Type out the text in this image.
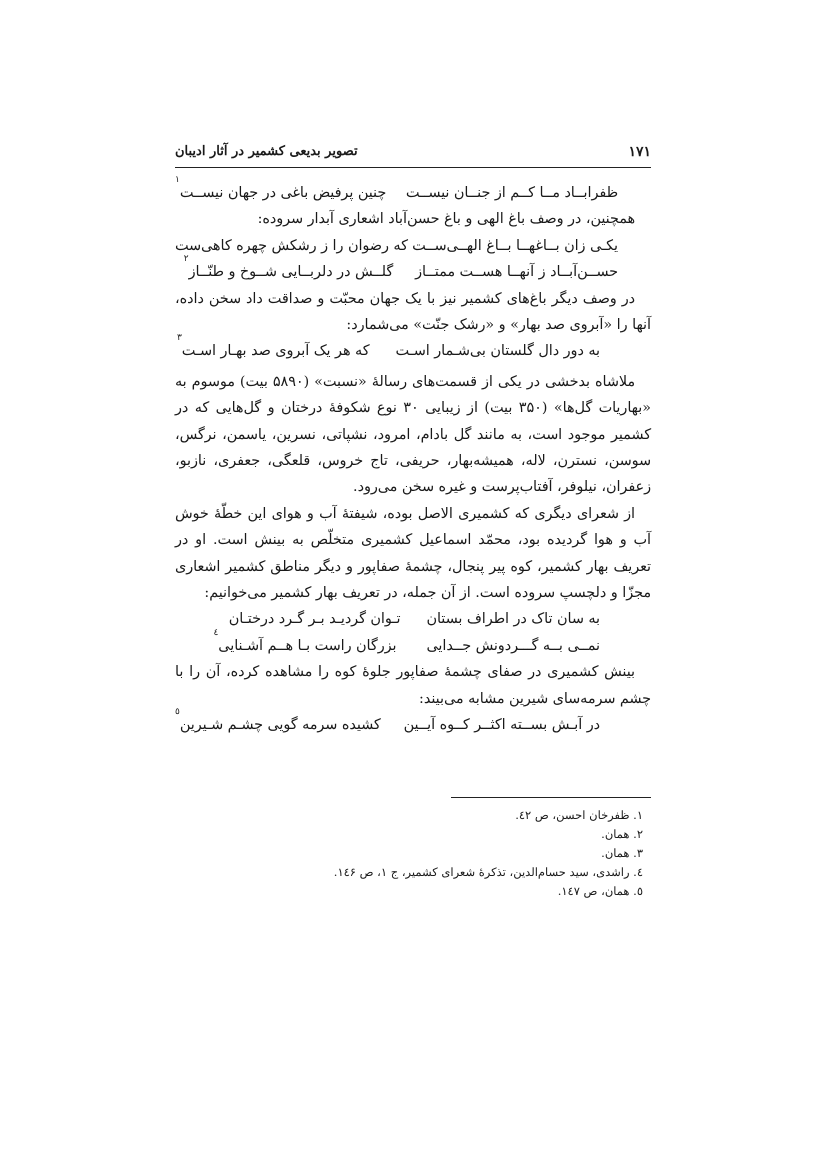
۱۷۱
تصویر بدیعی کشمیر در آثار ادیبان
ظفرابــاد مــا کــم از جنــان نیســت
چنین پرفیض باغی در جهان نیســت
۱

همچنین، در وصف باغ الهی و باغ حسن‌آباد اشعاری آبدار سروده:

یکـی زان بــاغهــا بــاغ الهــی‌ســت
که رضوان را ز رشکش چهره کاهی‌ست
حســن‌آبــاد ز آنهــا هســت ممتــاز
گلــش در دلربــایی شــوخ و طنّــاز
۲

در وصف دیگر باغ‌های کشمیر نیز با یک جهان محبّت و صداقت داد سخن داده، آنها را «آبروی صد بهار» و «رشک جنّت» می‌شمارد:

به دور دال گلستان بی‌شـمار اسـت
که هر یک آبروی صد بهـار اسـت
۳

ملاشاه بدخشی در یکی از قسمت‌های رسالهٔ «نسبت» (۵۸۹۰ بیت) موسوم به «بهاریات گل‌ها» (۳۵۰ بیت) از زیبایی ۳۰ نوع شکوفهٔ درختان و گل‌هایی که در کشمیر موجود است، به مانند گل بادام، امرود، نشپاتی، نسرین، یاسمن، نرگس، سوسن، نسترن، لاله، همیشه‌بهار، حریفی، تاج خروس، قلعگی، جعفری، نازبو، زعفران، نیلوفر، آفتاب‌پرست و غیره سخن می‌رود.

از شعرای دیگری که کشمیری الاصل بوده، شیفتهٔ آب و هوای این خطّهٔ خوش آب و هوا گردیده بود، محمّد اسماعیل کشمیری متخلّص به بینش است. او در تعریف بهار کشمیر، کوه پیر پنجال، چشمهٔ صفاپور و دیگر مناطق کشمیر اشعاری مجزّا و دلچسپ سروده است. از آن جمله، در تعریف بهار کشمیر می‌خوانیم:

به سان تاک در اطراف بستان
تـوان گردیـد بـر گـرد درختـان
نمــی بــه گـــردونش جــدایی
بزرگان راست بـا هــم آشـنایی
٤

بینش کشمیری در صفای چشمهٔ صفاپور جلوهٔ کوه را مشاهده کرده، آن را با چشم سرمه‌سای شیرین مشابه می‌بیند:

در آبـش بســته اکثــر کــوه آیــین
کشیده سرمه گویی چشـم شـیرین
٥
۱. ظفرخان احسن، ص ٤٢.
۲. همان.
۳. همان.
٤. راشدی، سید حسام‌الدین، تذکرهٔ شعرای کشمیر، ج ۱، ص ۱٤۶.
٥. همان، ص ۱٤۷.
